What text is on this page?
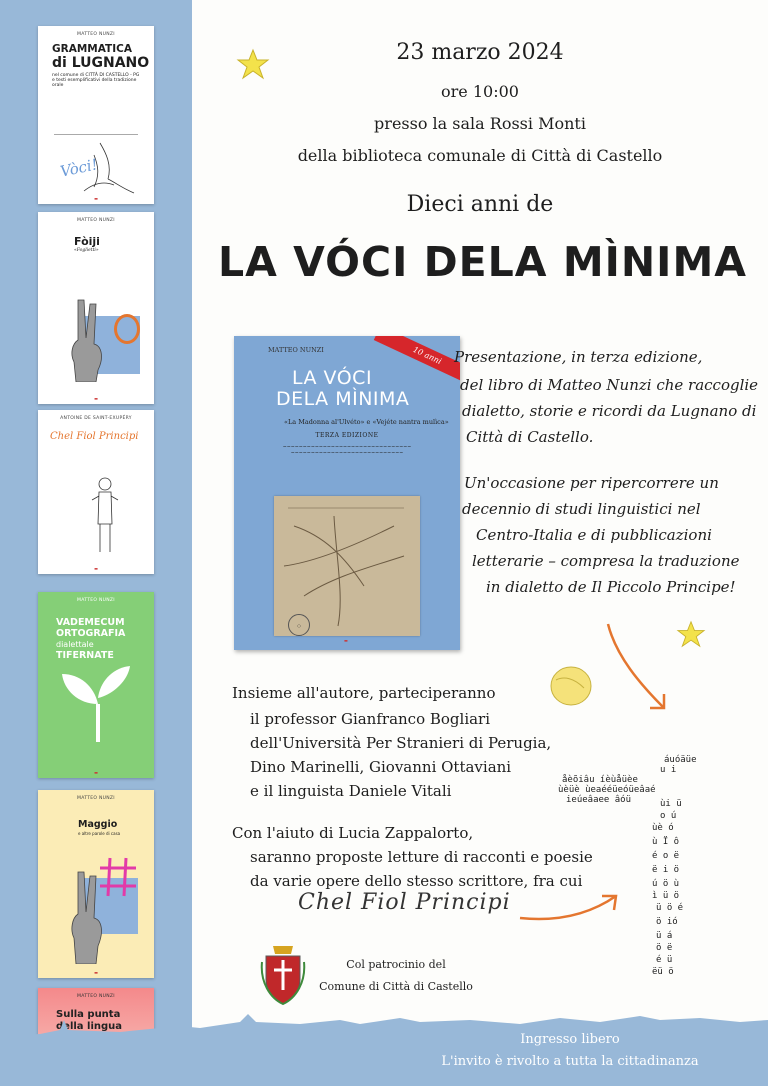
MATTEO NUNZI
GRAMMATICA
di LUGNANO
nel comune di CITTÀ DI CASTELLO - PG e testi esemplificativi della tradizione orale
Vòci!
▬
MATTEO NUNZI
Fòiji
«Foglietti»
▬
ANTOINE DE SAINT-EXUPÉRY
Chel Fiol Principi
▬
MATTEO NUNZI
VADEMECUM
ORTOGRAFIA
dialettale
TIFERNATE
▬
MATTEO NUNZI
Maggio
e altre parole di casa
▬
MATTEO NUNZI
Sulla punta
della lingua
23 marzo 2024
ore 10:00
presso la sala Rossi Monti
della biblioteca comunale di Città di Castello
Dieci anni de
LA VÓCI DELA MÌNIMA
10 anni
MATTEO NUNZI
LA VÓCI
DELA MÌNIMA
«La Madonna al'Ulvéto» e «Vejéte nantra mulìca»
TERZA EDIZIONE
~~~~~~~~~~~~~~~~~~~~~~~~~~~~~~~~
~~~~~~~~~~~~~~~~~~~~~~~~~~~~
○
▬
Presentazione, in terza edizione,
del libro di Matteo Nunzi che raccoglie
dialetto, storie e ricordi da Lugnano di
Città di Castello.
Un'occasione per ripercorrere un
decennio di studi linguistici nel
Centro-Italia e di pubblicazioni
letterarie – compresa la traduzione
in dialetto de Il Piccolo Principe!
Insieme all'autore, parteciperanno
il professor Gianfranco Bogliari
dell'Università Per Stranieri di Perugia,
Dino Marinelli, Giovanni Ottaviani
e il linguista Daniele Vitali
Con l'aiuto di Lucia Zappalorto,
saranno proposte letture di racconti e poesie
da varie opere dello stesso scrittore, fra cui
Chel Fiol Principi
áuóäüe
u i
åèõiâu íèùåüèe
ùèüè ùeaééüeóüeâaé
ieúeâaee âóü	ùi ü
o ú
ùè ó
ù Ï ô
é o ë
ë i ö
ú ö ù
ì ü ö
ü ö é
ö ió
ü á
ö ë
é ü
ëü ö
Col patrocinio del
Comune di Città di Castello
Ingresso libero
L'invito è rivolto a tutta la cittadinanza
